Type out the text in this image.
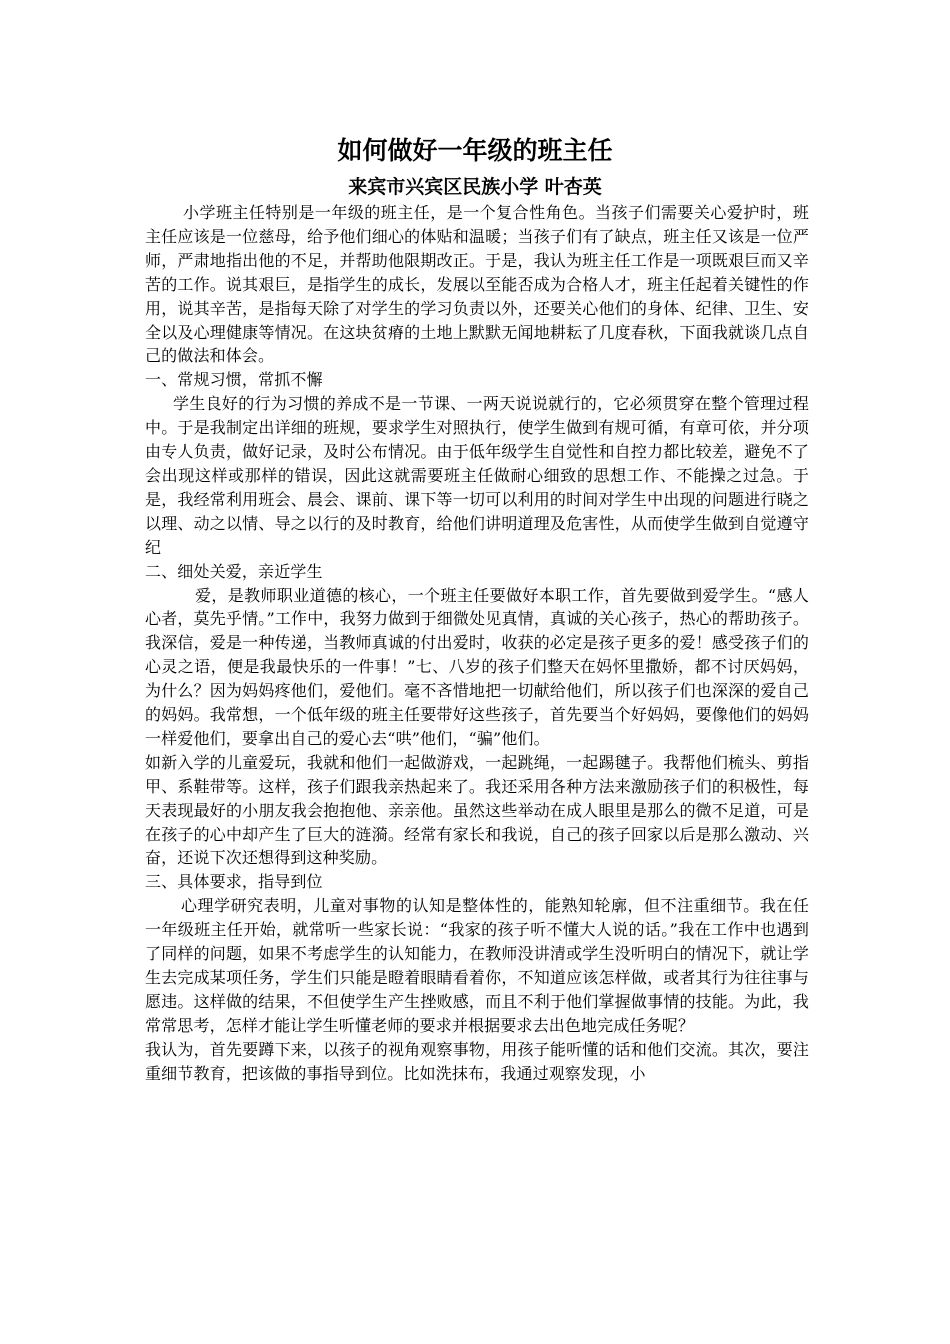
如何做好一年级的班主任
来宾市兴宾区民族小学 叶杏英

小学班主任特别是一年级的班主任，是一个复合性角色。当孩子们需要关心爱护时，班主任应该是一位慈母，给予他们细心的体贴和温暖；当孩子们有了缺点，班主任又该是一位严师，严肃地指出他的不足，并帮助他限期改正。于是，我认为班主任工作是一项既艰巨而又辛苦的工作。说其艰巨，是指学生的成长，发展以至能否成为合格人才，班主任起着关键性的作用，说其辛苦，是指每天除了对学生的学习负责以外，还要关心他们的身体、纪律、卫生、安全以及心理健康等情况。在这块贫瘠的土地上默默无闻地耕耘了几度春秋，下面我就谈几点自己的做法和体会。

一、常规习惯，常抓不懈

学生良好的行为习惯的养成不是一节课、一两天说说就行的，它必须贯穿在整个管理过程中。于是我制定出详细的班规，要求学生对照执行，使学生做到有规可循，有章可依，并分项由专人负责，做好记录，及时公布情况。由于低年级学生自觉性和自控力都比较差，避免不了会出现这样或那样的错误，因此这就需要班主任做耐心细致的思想工作、不能操之过急。于是，我经常利用班会、晨会、课前、课下等一切可以利用的时间对学生中出现的问题进行晓之以理、动之以情、导之以行的及时教育，给他们讲明道理及危害性，从而使学生做到自觉遵守纪

二、细处关爱，亲近学生

爱，是教师职业道德的核心，一个班主任要做好本职工作，首先要做到爱学生。“感人心者，莫先乎情。”工作中，我努力做到于细微处见真情，真诚的关心孩子，热心的帮助孩子。我深信，爱是一种传递，当教师真诚的付出爱时，收获的必定是孩子更多的爱！感受孩子们的心灵之语，便是我最快乐的一件事！”七、八岁的孩子们整天在妈怀里撒娇，都不讨厌妈妈，为什么？因为妈妈疼他们，爱他们。毫不吝惜地把一切献给他们，所以孩子们也深深的爱自己的妈妈。我常想，一个低年级的班主任要带好这些孩子，首先要当个好妈妈，要像他们的妈妈一样爱他们，要拿出自己的爱心去“哄”他们，“骗”他们。

如新入学的儿童爱玩，我就和他们一起做游戏，一起跳绳，一起踢毽子。我帮他们梳头、剪指甲、系鞋带等。这样，孩子们跟我亲热起来了。我还采用各种方法来激励孩子们的积极性，每天表现最好的小朋友我会抱抱他、亲亲他。虽然这些举动在成人眼里是那么的微不足道，可是在孩子的心中却产生了巨大的涟漪。经常有家长和我说，自己的孩子回家以后是那么激动、兴奋，还说下次还想得到这种奖励。

三、具体要求，指导到位

心理学研究表明，儿童对事物的认知是整体性的，能熟知轮廓，但不注重细节。我在任一年级班主任开始，就常听一些家长说：“我家的孩子听不懂大人说的话。”我在工作中也遇到了同样的问题，如果不考虑学生的认知能力，在教师没讲清或学生没听明白的情况下，就让学生去完成某项任务，学生们只能是瞪着眼睛看着你，不知道应该怎样做，或者其行为往往事与愿违。这样做的结果，不但使学生产生挫败感，而且不利于他们掌握做事情的技能。为此，我常常思考，怎样才能让学生听懂老师的要求并根据要求去出色地完成任务呢？

我认为，首先要蹲下来，以孩子的视角观察事物，用孩子能听懂的话和他们交流。其次，要注重细节教育，把该做的事指导到位。比如洗抹布，我通过观察发现，小
